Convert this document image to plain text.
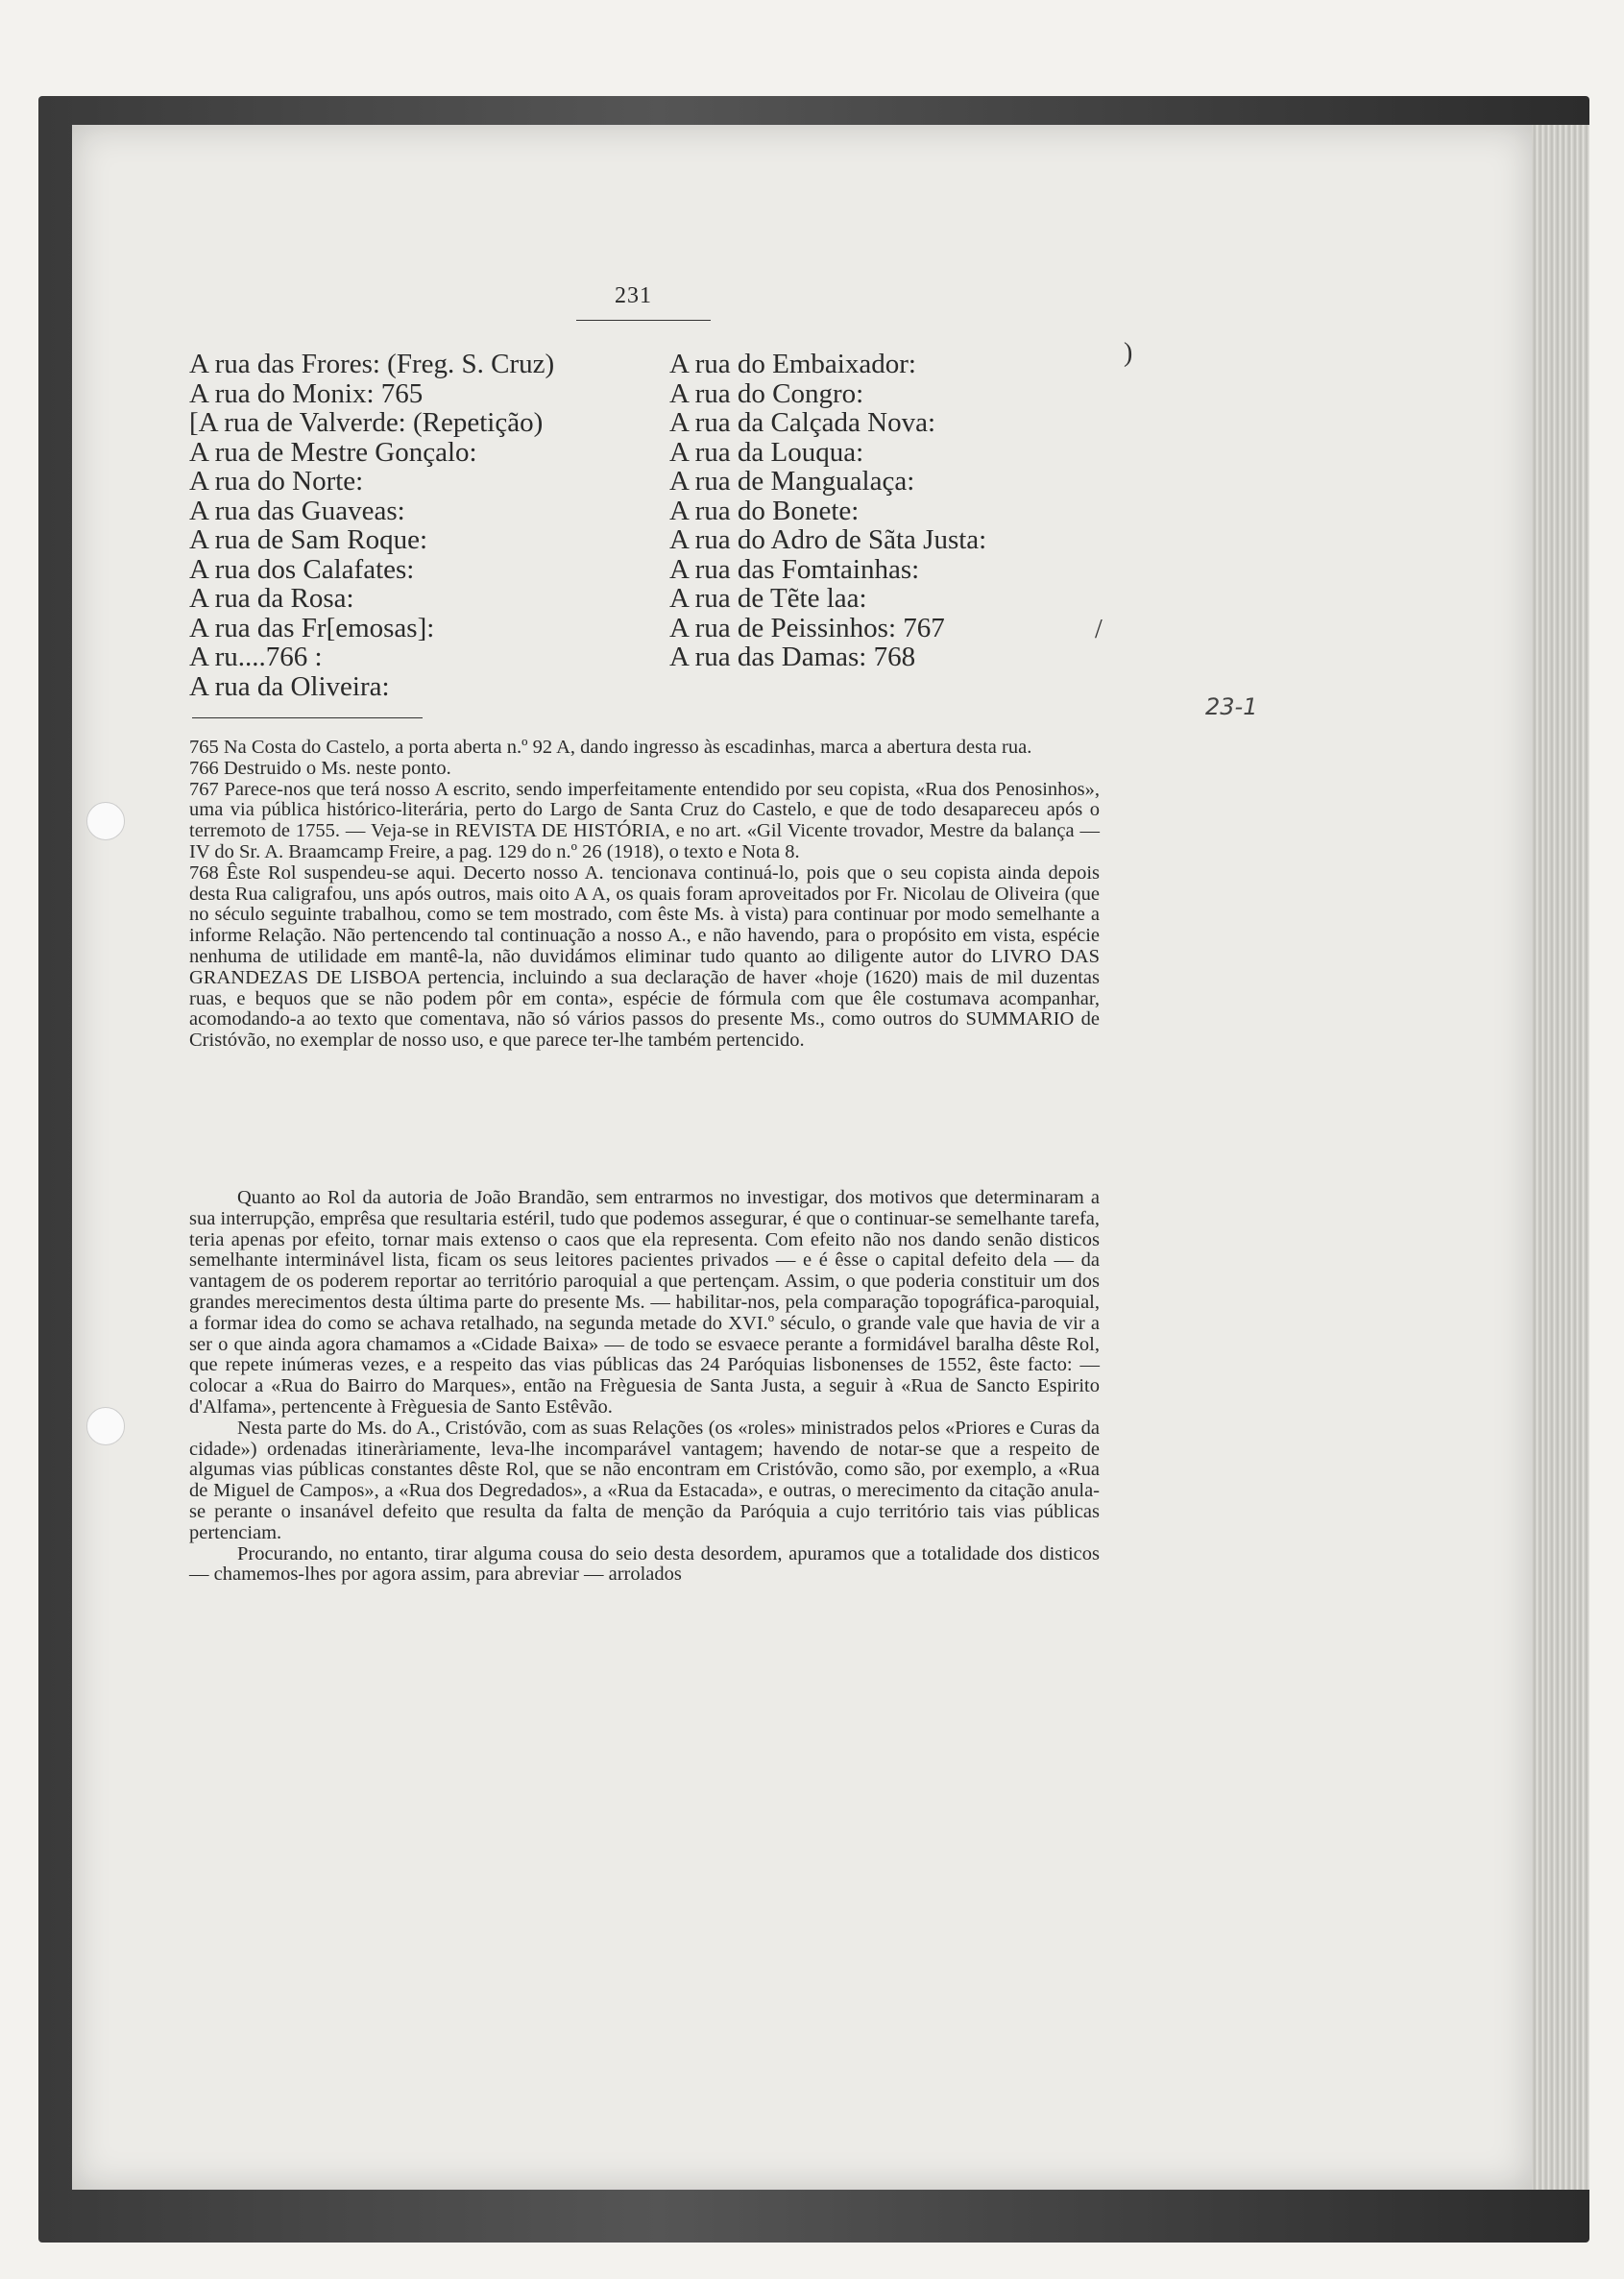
231
A rua das Frores: (Freg. S. Cruz)
A rua do Monix: 765
[A rua de Valverde: (Repetição)
A rua de Mestre Gonçalo:
A rua do Norte:
A rua das Guaveas:
A rua de Sam Roque:
A rua dos Calafates:
A rua da Rosa:
A rua das Fr[emosas]:
A ru....766 :
A rua da Oliveira:
A rua do Embaixador:
A rua do Congro:
A rua da Calçada Nova:
A rua da Louqua:
A rua de Mangualaça:
A rua do Bonete:
A rua do Adro de Sãta Justa:
A rua das Fomtainhas:
A rua de Tẽte laa:
A rua de Peissinhos: 767
A rua das Damas: 768
)
/
23-1

765 Na Costa do Castelo, a porta aberta n.º 92 A, dando ingresso às escadinhas, marca a abertura desta rua.

766 Destruido o Ms. neste ponto.

767 Parece-nos que terá nosso A escrito, sendo imperfeitamente entendido por seu copista, «Rua dos Penosinhos», uma via pública histórico-literária, perto do Largo de Santa Cruz do Castelo, e que de todo desapareceu após o terremoto de 1755. — Veja-se in REVISTA DE HISTÓRIA, e no art. «Gil Vicente trovador, Mestre da balança — IV do Sr. A. Braamcamp Freire, a pag. 129 do n.º 26 (1918), o texto e Nota 8.

768 Êste Rol suspendeu-se aqui. Decerto nosso A. tencionava continuá-lo, pois que o seu copista ainda depois desta Rua caligrafou, uns após outros, mais oito A A, os quais foram aproveitados por Fr. Nicolau de Oliveira (que no século seguinte trabalhou, como se tem mostrado, com êste Ms. à vista) para continuar por modo semelhante a informe Relação. Não pertencendo tal continuação a nosso A., e não havendo, para o propósito em vista, espécie nenhuma de utilidade em mantê-la, não duvidámos eliminar tudo quanto ao diligente autor do LIVRO DAS GRANDEZAS DE LISBOA pertencia, incluindo a sua declaração de haver «hoje (1620) mais de mil duzentas ruas, e bequos que se não podem pôr em conta», espécie de fórmula com que êle costumava acompanhar, acomodando-a ao texto que comentava, não só vários passos do presente Ms., como outros do SUMMARIO de Cristóvão, no exemplar de nosso uso, e que parece ter-lhe também pertencido.

Quanto ao Rol da autoria de João Brandão, sem entrarmos no investigar, dos motivos que determinaram a sua interrupção, emprêsa que resultaria estéril, tudo que podemos assegurar, é que o continuar-se semelhante tarefa, teria apenas por efeito, tornar mais extenso o caos que ela representa. Com efeito não nos dando senão disticos semelhante interminável lista, ficam os seus leitores pacientes privados — e é êsse o capital defeito dela — da vantagem de os poderem reportar ao território paroquial a que pertençam. Assim, o que poderia constituir um dos grandes merecimentos desta última parte do presente Ms. — habilitar-nos, pela comparação topográfica-paroquial, a formar idea do como se achava retalhado, na segunda metade do XVI.º século, o grande vale que havia de vir a ser o que ainda agora chamamos a «Cidade Baixa» — de todo se esvaece perante a formidável baralha dêste Rol, que repete inúmeras vezes, e a respeito das vias públicas das 24 Paróquias lisbonenses de 1552, êste facto: — colocar a «Rua do Bairro do Marques», então na Frèguesia de Santa Justa, a seguir à «Rua de Sancto Espirito d'Alfama», pertencente à Frèguesia de Santo Estêvão.

Nesta parte do Ms. do A., Cristóvão, com as suas Relações (os «roles» ministrados pelos «Priores e Curas da cidade») ordenadas itineràriamente, leva-lhe incomparável vantagem; havendo de notar-se que a respeito de algumas vias públicas constantes dêste Rol, que se não encontram em Cristóvão, como são, por exemplo, a «Rua de Miguel de Campos», a «Rua dos Degredados», a «Rua da Estacada», e outras, o merecimento da citação anula-se perante o insanável defeito que resulta da falta de menção da Paróquia a cujo território tais vias públicas pertenciam.

Procurando, no entanto, tirar alguma cousa do seio desta desordem, apuramos que a totalidade dos disticos — chamemos-lhes por agora assim, para abreviar — arrolados
